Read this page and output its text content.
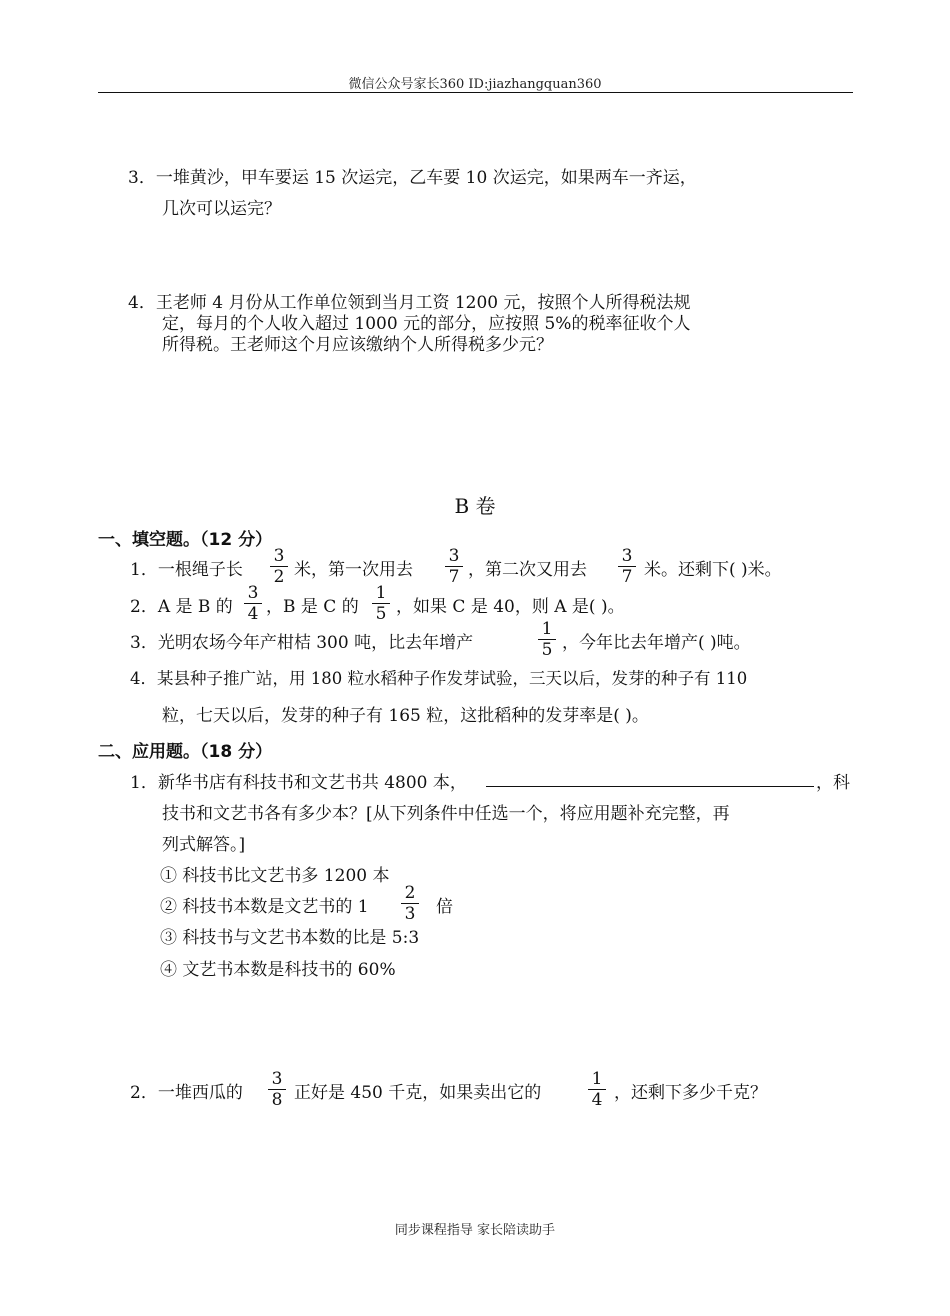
微信公众号家长360 ID:jiazhangquan360
3．一堆黄沙，甲车要运 15 次运完，乙车要 10 次运完，如果两车一齐运，
几次可以运完？
4．王老师 4 月份从工作单位领到当月工资 1200 元，按照个人所得税法规
定，每月的个人收入超过 1000 元的部分，应按照 5%的税率征收个人
所得税。王老师这个月应该缴纳个人所得税多少元？
B 卷
一、填空题。（12 分）
1．一根绳子长
3
2 米，第一次用去
3
7 ，第二次又用去
3
7 米。还剩下( )米。
2．A 是 B 的
3
4 ，B 是 C 的
1
5 ，如果 C 是 40，则 A 是( )。
3．光明农场今年产柑桔 300 吨，比去年增产
1
5 ，今年比去年增产( )吨。
4．某县种子推广站，用 180 粒水稻种子作发芽试验，三天以后，发芽的种子有 110
粒，七天以后，发芽的种子有 165 粒，这批稻种的发芽率是( )。
二、应用题。（18 分）
1．新华书店有科技书和文艺书共 4800 本，	，科
技书和文艺书各有多少本？[从下列条件中任选一个，将应用题补充完整，再
列式解答。]
① 科技书比文艺书多 1200 本
② 科技书本数是文艺书的 1
2
3	倍
③ 科技书与文艺书本数的比是 5:3
④ 文艺书本数是科技书的 60%
2．一堆西瓜的
3
8 正好是 450 千克，如果卖出它的
1
4 ，还剩下多少千克？
同步课程指导 家长陪读助手
